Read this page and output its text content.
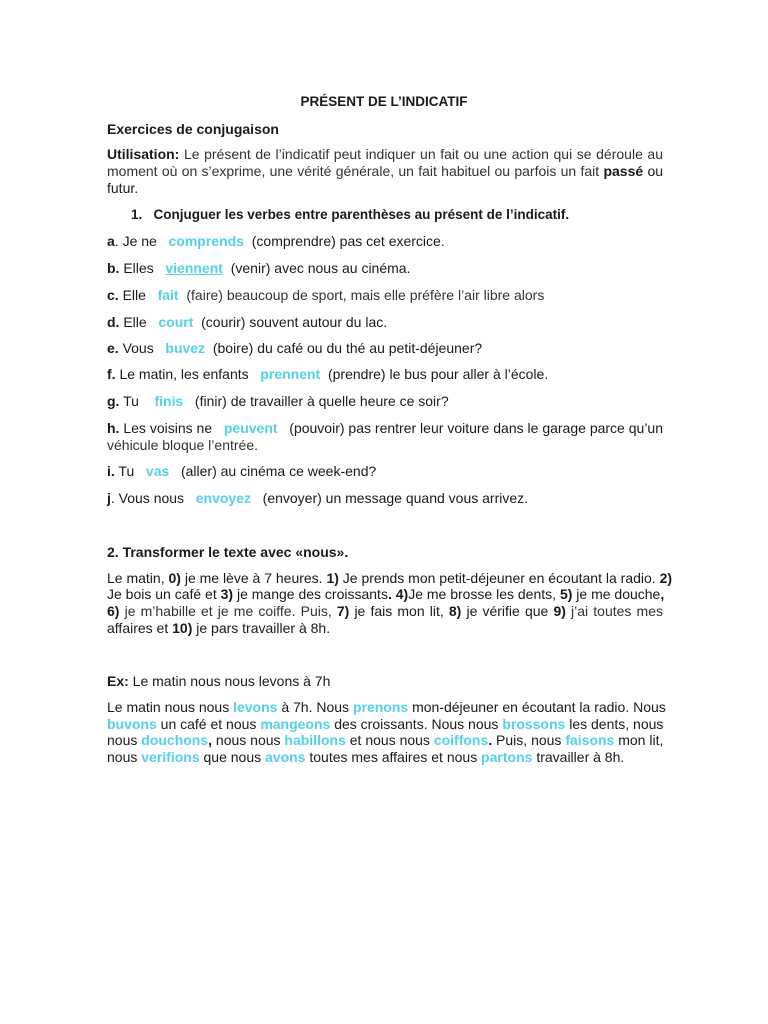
PRÉSENT DE L’INDICATIF
Exercices de conjugaison
Utilisation: Le présent de l’indicatif peut indiquer un fait ou une action qui se déroule au
moment où on s’exprime, une vérité générale, un fait habituel ou parfois un fait passé ou
futur.
1. Conjuguer les verbes entre parenthèses au présent de l’indicatif.
a. Je ne   comprends  (comprendre) pas cet exercice.
b. Elles   viennent  (venir) avec nous au cinéma.
c. Elle   fait  (faire) beaucoup de sport, mais elle préfère l’air libre alors
d. Elle   court  (courir) souvent autour du lac.
e. Vous   buvez  (boire) du café ou du thé au petit-déjeuner?
f. Le matin, les enfants   prennent  (prendre) le bus pour aller à l’école.
g. Tu    finis   (finir) de travailler à quelle heure ce soir?
h. Les voisins ne   peuvent   (pouvoir) pas rentrer leur voiture dans le garage parce qu’un
véhicule bloque l’entrée.
i. Tu   vas   (aller) au cinéma ce week-end?
j. Vous nous   envoyez   (envoyer) un message quand vous arrivez.
2. Transformer le texte avec «nous».
Le matin, 0) je me lève à 7 heures. 1) Je prends mon petit-déjeuner en écoutant la radio. 2)
Je bois un café et 3) je mange des croissants. 4)Je me brosse les dents, 5) je me douche,
6) je m’habille et je me coiffe. Puis, 7) je fais mon lit, 8) je vérifie que 9) j’ai toutes mes
affaires et 10) je pars travailler à 8h.
Ex: Le matin nous nous levons à 7h
Le matin nous nous levons à 7h. Nous prenons mon-déjeuner en écoutant la radio. Nous
buvons un café et nous mangeons des croissants. Nous nous brossons les dents, nous
nous douchons, nous nous habillons et nous nous coiffons. Puis, nous faisons mon lit,
nous verifions que nous avons toutes mes affaires et nous partons travailler à 8h.
